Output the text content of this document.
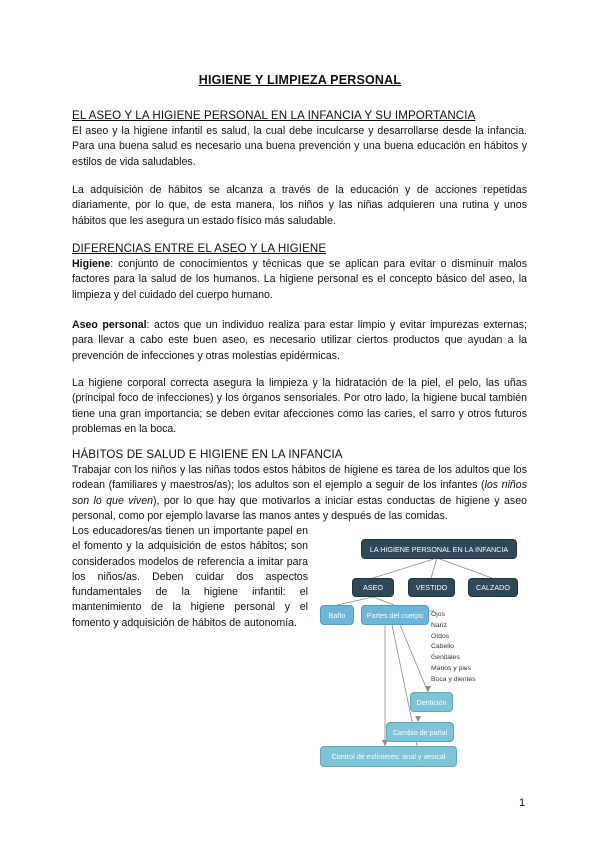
HIGIENE Y LIMPIEZA PERSONAL
EL ASEO Y LA HIGIENE PERSONAL EN LA INFANCIA Y SU IMPORTANCIA

El aseo y la higiene infantil es salud, la cual debe inculcarse y desarrollarse desde la infancia. Para una buena salud es necesario una buena prevención y una buena educación en hábitos y estilos de vida saludables.

La adquisición de hábitos se alcanza a través de la educación y de acciones repetidas diariamente, por lo que, de esta manera, los niños y las niñas adquieren una rutina y unos hábitos que les asegura un estado físico más saludable.

DIFERENCIAS ENTRE EL ASEO Y LA HIGIENE

Higiene: conjunto de conocimientos y técnicas que se aplican para evitar o disminuir malos factores para la salud de los humanos. La higiene personal es el concepto básico del aseo, la limpieza y del cuidado del cuerpo humano.

Aseo personal: actos que un individuo realiza para estar limpio y evitar impurezas externas; para llevar a cabo este buen aseo, es necesario utilizar ciertos productos que ayudan a la prevención de infecciones y otras molestias epidérmicas.

La higiene corporal correcta asegura la limpieza y la hidratación de la piel, el pelo, las uñas (principal foco de infecciones) y los órganos sensoriales. Por otro lado, la higiene bucal también tiene una gran importancia; se deben evitar afecciones como las caries, el sarro y otros futuros problemas en la boca.

HÁBITOS DE SALUD E HIGIENE EN LA INFANCIA

Trabajar con los niños y las niñas todos estos hábitos de higiene es tarea de los adultos que los rodean (familiares y maestros/as); los adultos son el ejemplo a seguir de los infantes (los niños son lo que viven), por lo que hay que motivarlos a iniciar estas conductas de higiene y aseo personal, como por ejemplo lavarse las manos antes y después de las comidas.

Los educadores/as tienen un importante papel en el fomento y la adquisición de estos hábitos; son considerados modelos de referencia a imitar para los niños/as. Deben cuidar dos aspectos fundamentales de la higiene infantil: el mantenimiento de la higiene personal y el fomento y adquisición de hábitos de autonomía.

LA HIGIENE PERSONAL EN LA INFANCIA
ASEO	VESTIDO	CALZADO
Baño	Partes del cuerpo
Dentición
Cambio de pañal
Control de esfínteres: anal y vesical
Ojos
Nariz
Oídos
Cabello
Genitales
Manos y pies
Boca y dientes
1
